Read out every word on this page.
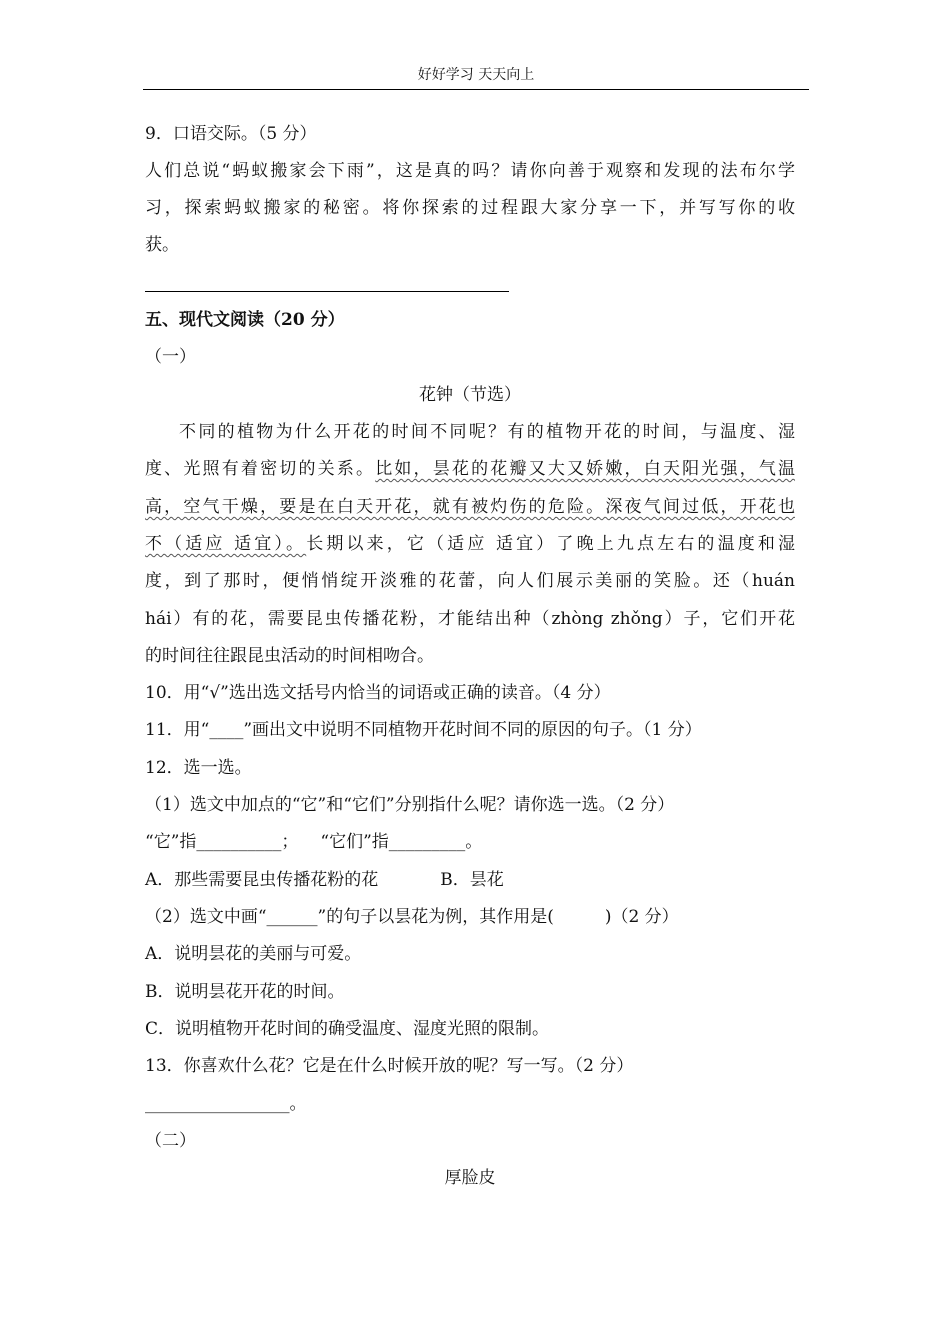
好好学习 天天向上
9．口语交际。（5 分）
人们总说“蚂蚁搬家会下雨”，这是真的吗？请你向善于观察和发现的法布尔学
习，探索蚂蚁搬家的秘密。将你探索的过程跟大家分享一下，并写写你的收
获。
五、现代文阅读（20 分）
（一）
花钟（节选）
不同的植物为什么开花的时间不同呢？有的植物开花的时间，与温度、湿
度、光照有着密切的关系。比如，昙花的花瓣又大又娇嫩，白天阳光强，气温
高，空气干燥，要是在白天开花，就有被灼伤的危险。深夜气间过低，开花也
不（适应 适宜）。长期以来，它（适应 适宜）了晚上九点左右的温度和湿
度，到了那时，便悄悄绽开淡雅的花蕾，向人们展示美丽的笑脸。还（huán
hái）有的花，需要昆虫传播花粉，才能结出种（zhòng zhǒng）子，它们开花
的时间往往跟昆虫活动的时间相吻合。
10．用“√”选出选文括号内恰当的词语或正确的读音。（4 分）
11．用“____”画出文中说明不同植物开花时间不同的原因的句子。（1 分）
12．选一选。
（1）选文中加点的“它”和“它们”分别指什么呢？请你选一选。（2 分）
“它”指__________； “它们”指_________。
A．那些需要昆虫传播花粉的花	B．昙花
（2）选文中画“______”的句子以昙花为例，其作用是(　　　)（2 分）
A．说明昙花的美丽与可爱。
B．说明昙花开花的时间。
C．说明植物开花时间的确受温度、湿度光照的限制。
13．你喜欢什么花？它是在什么时候开放的呢？写一写。（2 分）
_________________。
（二）
厚脸皮
